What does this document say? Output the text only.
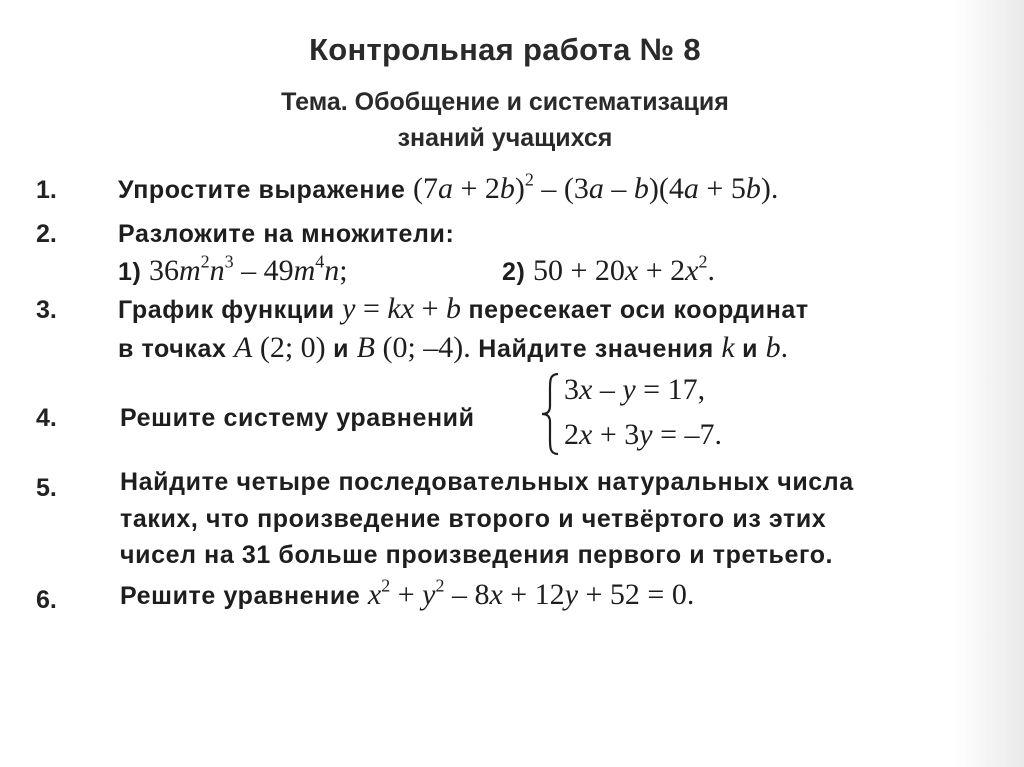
Контрольная работа № 8
Тема. Обобщение и систематизация
знаний учащихся
1. Упростите выражение $(7a + 2b)^2 - (3a - b)(4a + 5b)$.
2. Разложите на множители:
1) $36m^2n^3 - 49m^4n$;	2) $50 + 20x + 2x^2$.
3. График функции y = kx + b пересекает оси координат
в точках A (2; 0) и B (0; –4). Найдите значения k и b.
4.	Решите систему уравнений
3x – y = 17,
2x + 3y = –7.
5.	Найдите четыре последовательных натуральных числа
таких, что произведение второго и четвёртого из этих
чисел на 31 больше произведения первого и третьего.
6.	Решите уравнение $x^2 + y^2 - 8x + 12y + 52 = 0$.
